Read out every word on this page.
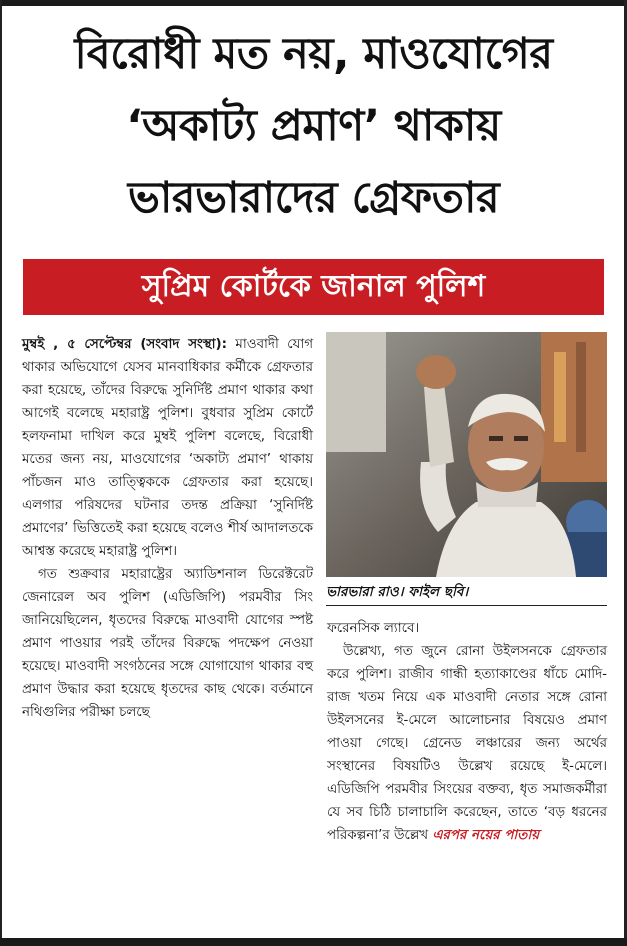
বিরোধী মত নয়, মাওযোগের
‘অকাট্য প্রমাণ’ থাকায়
ভারভারাদের গ্রেফতার
সুপ্রিম কোর্টকে জানাল পুলিশ

মুম্বই , ৫ সেপ্টেম্বর (সংবাদ সংস্থা): মাওবাদী যোগ থাকার অভিযোগে যেসব মানবাধিকার কর্মীকে গ্রেফতার করা হয়েছে, তাঁদের বিরুদ্ধে সুনির্দিষ্ট প্রমাণ থাকার কথা আগেই বলেছে মহারাষ্ট্র পুলিশ। বুধবার সুপ্রিম কোর্টে হলফনামা দাখিল করে মুম্বই পুলিশ বলেছে, বিরোধী মতের জন্য নয়, মাওযোগের ‘অকাট্য প্রমাণ’ থাকায় পাঁচজন মাও তাত্ত্বিককে গ্রেফতার করা হয়েছে। এলগার পরিষদের ঘটনার তদন্ত প্রক্রিয়া ‘সুনির্দিষ্ট প্রমাণের’ ভিত্তিতেই করা হয়েছে বলেও শীর্ষ আদালতকে আশ্বস্ত করেছে মহারাষ্ট্র পুলিশ।

গত শুক্রবার মহারাষ্ট্রের অ্যাডিশনাল ডিরেক্টরেট জেনারেল অব পুলিশ (এডিজিপি) পরমবীর সিং জানিয়েছিলেন, ধৃতদের বিরুদ্ধে মাওবাদী যোগের স্পষ্ট প্রমাণ পাওয়ার পরই তাঁদের বিরুদ্ধে পদক্ষেপ নেওয়া হয়েছে। মাওবাদী সংগঠনের সঙ্গে যোগাযোগ থাকার বহু প্রমাণ উদ্ধার করা হয়েছে ধৃতদের কাছ থেকে। বর্তমানে নথিগুলির পরীক্ষা চলছে

ভারভারা রাও। ফাইল ছবি।

ফরেনসিক ল্যাবে।

উল্লেখ্য, গত জুনে রোনা উইলসনকে গ্রেফতার করে পুলিশ। রাজীব গান্ধী হত্যাকাণ্ডের ধাঁচে মোদি-রাজ খতম নিয়ে এক মাওবাদী নেতার সঙ্গে রোনা উইলসনের ই-মেলে আলোচনার বিষয়েও প্রমাণ পাওয়া গেছে। গ্রেনেড লঞ্চারের জন্য অর্থের সংস্থানের বিষয়টিও উল্লেখ রয়েছে ই-মেলে। এডিজিপি পরমবীর সিংয়ের বক্তব্য, ধৃত সমাজকর্মীরা যে সব চিঠি চালাচালি করেছেন, তাতে ‘বড় ধরনের পরিকল্পনা’র উল্লেখ এরপর নয়ের পাতায়
